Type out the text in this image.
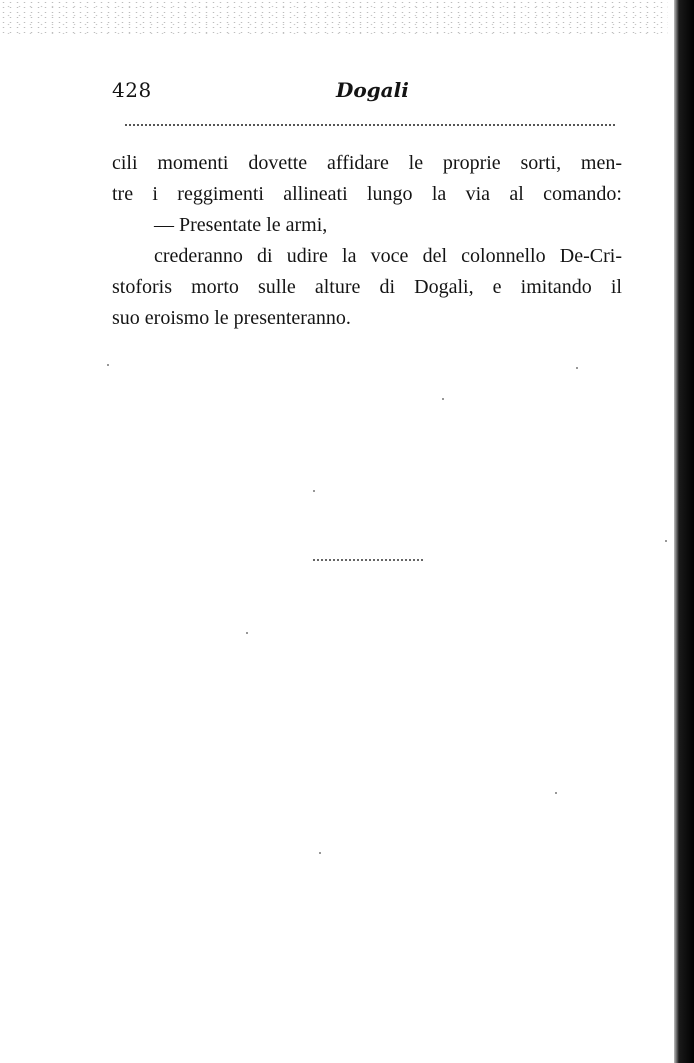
428	Dogali
cili momenti dovette affidare le proprie sorti, men-
tre i reggimenti allineati lungo la via al comando:
— Presentate le armi,
crederanno di udire la voce del colonnello De-Cri-
stoforis morto sulle alture di Dogali, e imitando il
suo eroismo le presenteranno.
